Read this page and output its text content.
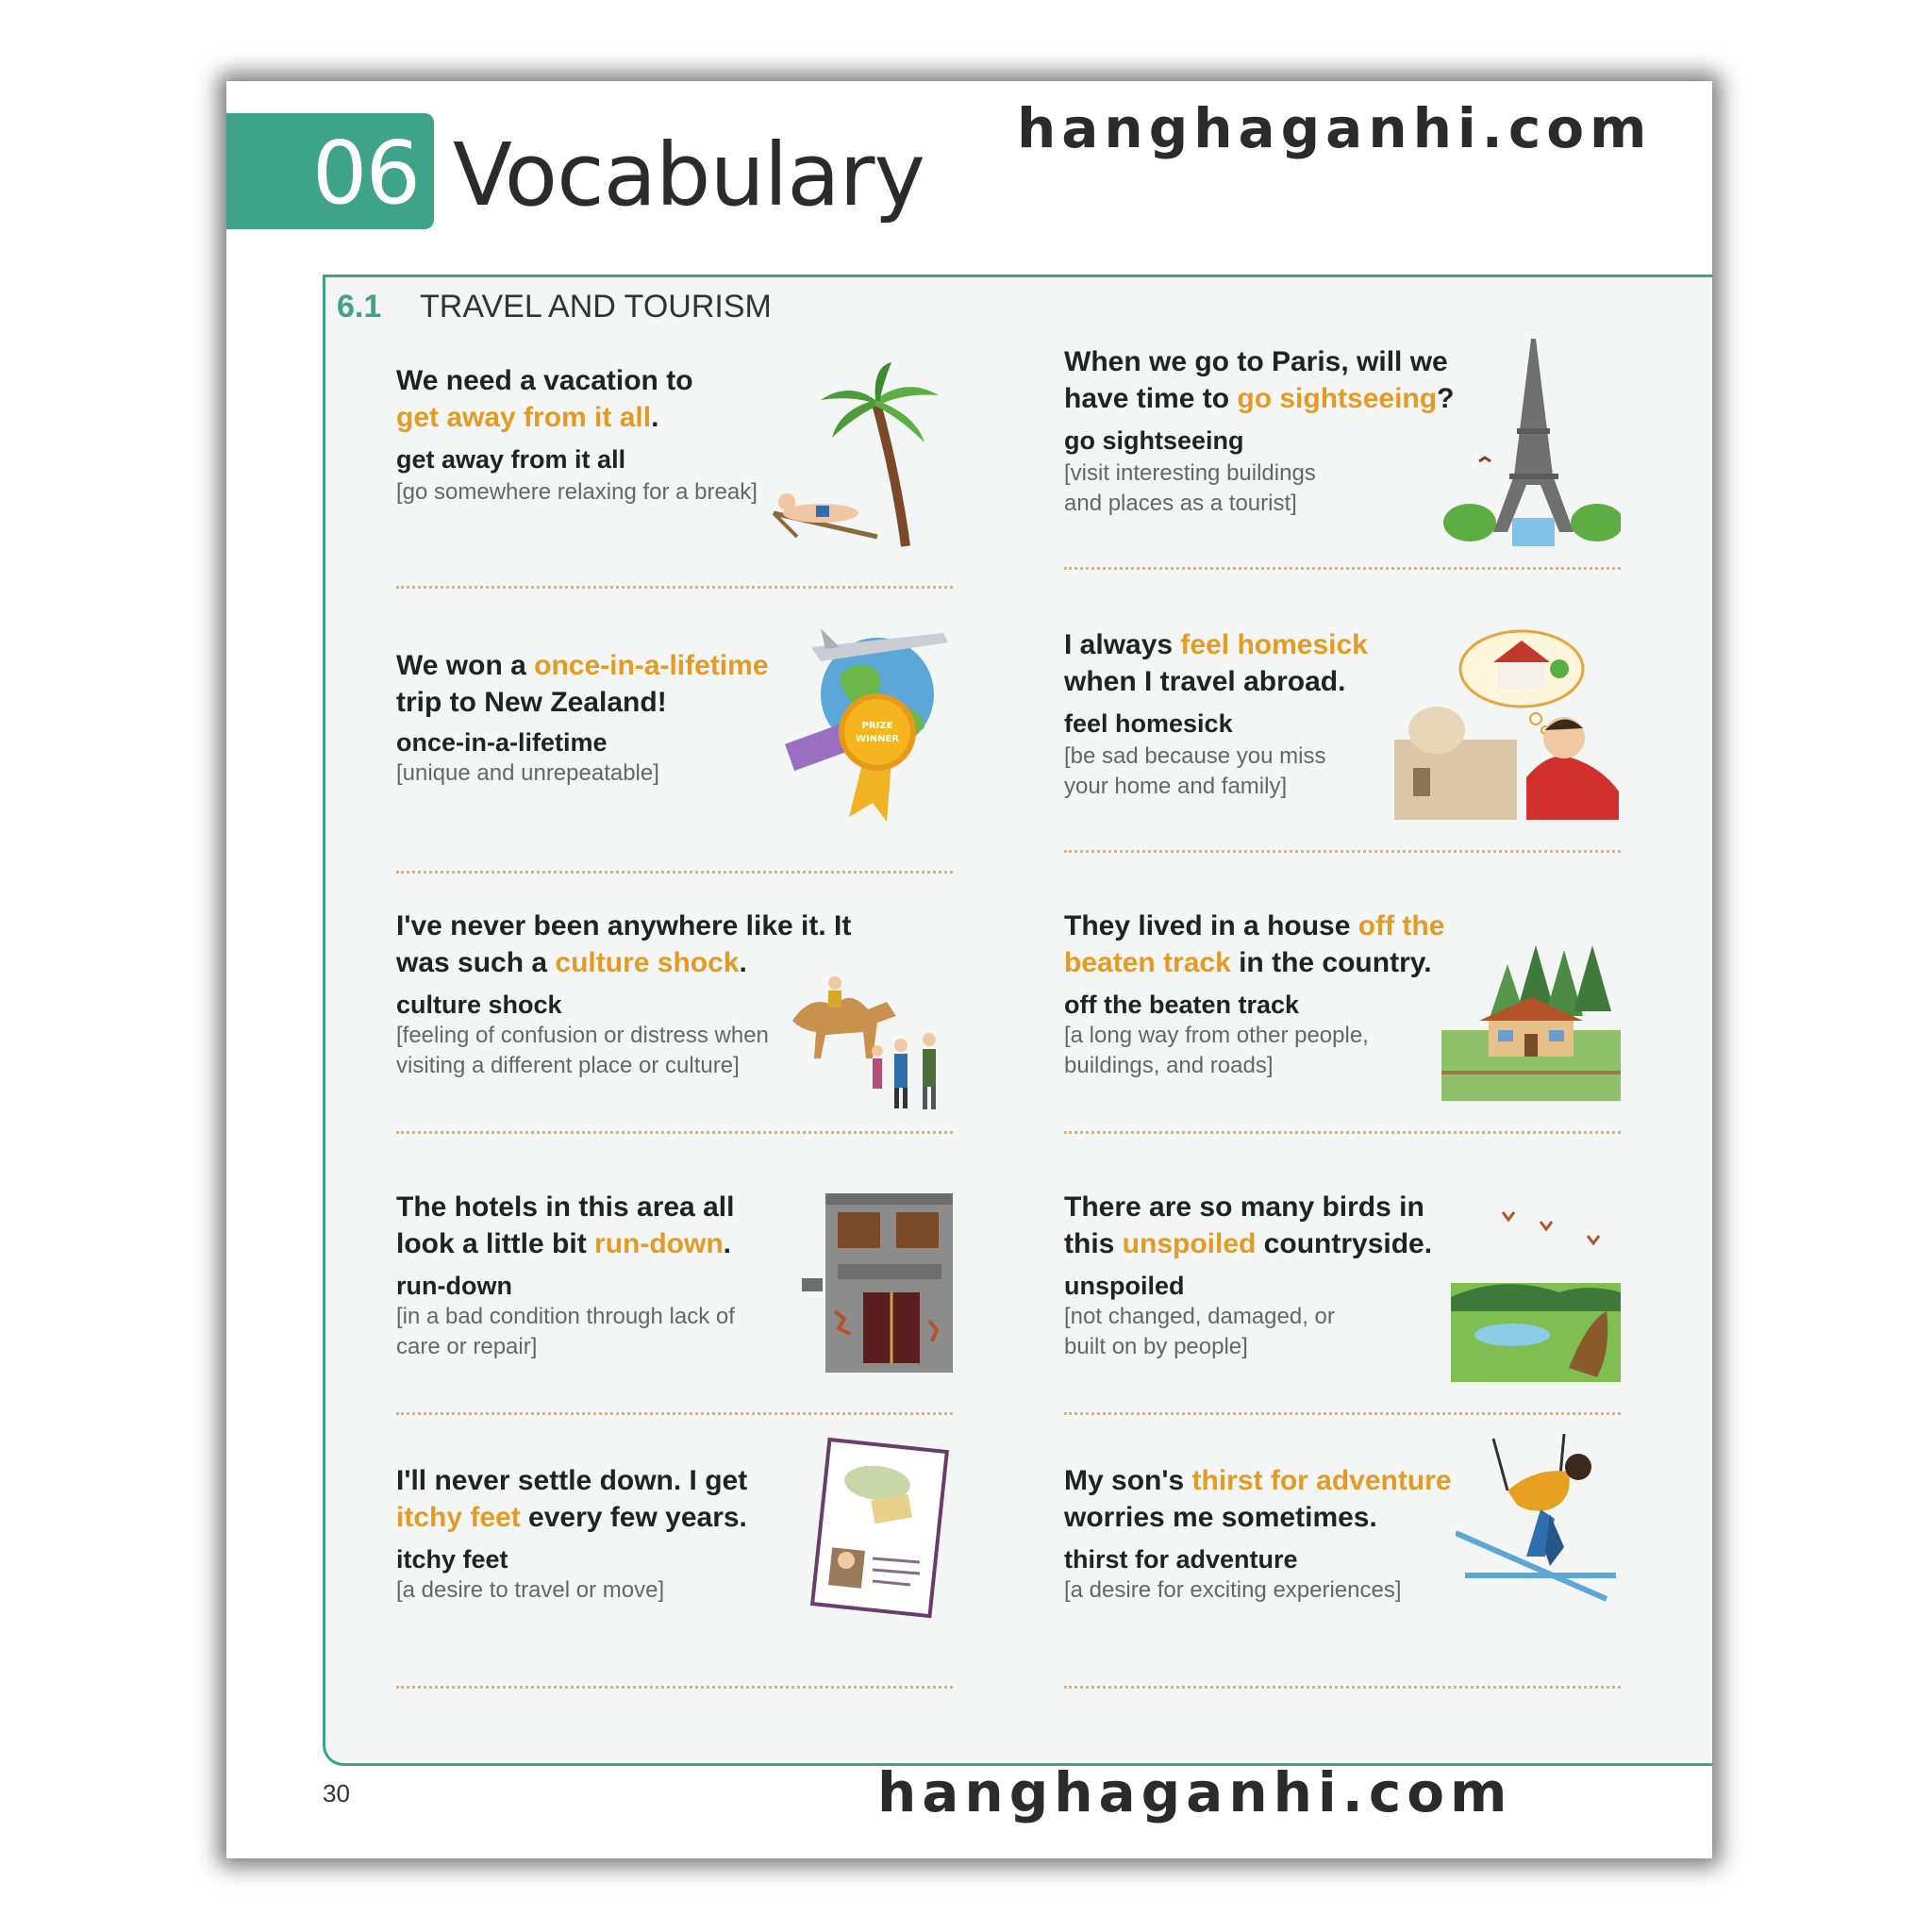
06 Vocabulary hanghaganhi.com
6.1 TRAVEL AND TOURISM
We need a vacation to get away from it all.
get away from it all
[go somewhere relaxing for a break]
When we go to Paris, will we have time to go sightseeing?
go sightseeing
[visit interesting buildings and places as a tourist]
We won a once-in-a-lifetime trip to New Zealand!
once-in-a-lifetime
[unique and unrepeatable]
PRIZE
WINNER
I always feel homesick when I travel abroad.
feel homesick
[be sad because you miss your home and family]
I've never been anywhere like it. It was such a culture shock.
culture shock
[feeling of confusion or distress when visiting a different place or culture]
They lived in a house off the beaten track in the country.
off the beaten track
[a long way from other people, buildings, and roads]
The hotels in this area all look a little bit run-down.
run-down
[in a bad condition through lack of care or repair]
There are so many birds in this unspoiled countryside.
unspoiled
[not changed, damaged, or built on by people]
I'll never settle down. I get itchy feet every few years.
itchy feet
[a desire to travel or move]
My son's thirst for adventure worries me sometimes.
thirst for adventure
[a desire for exciting experiences]
30	hanghaganhi.com
